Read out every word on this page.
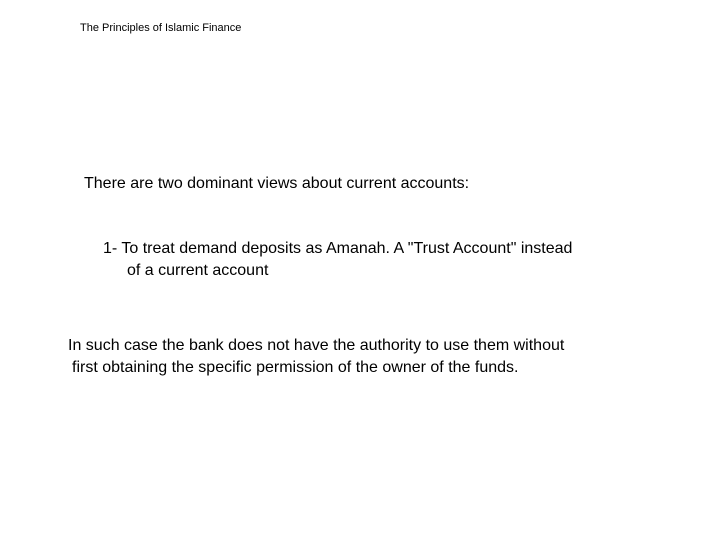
The Principles of Islamic Finance
There are two dominant views about current accounts:
1- To treat demand deposits as Amanah. A "Trust Account" instead
of a current account
In such case the bank does not have the authority to use them without
first obtaining the specific permission of the owner of the funds.
